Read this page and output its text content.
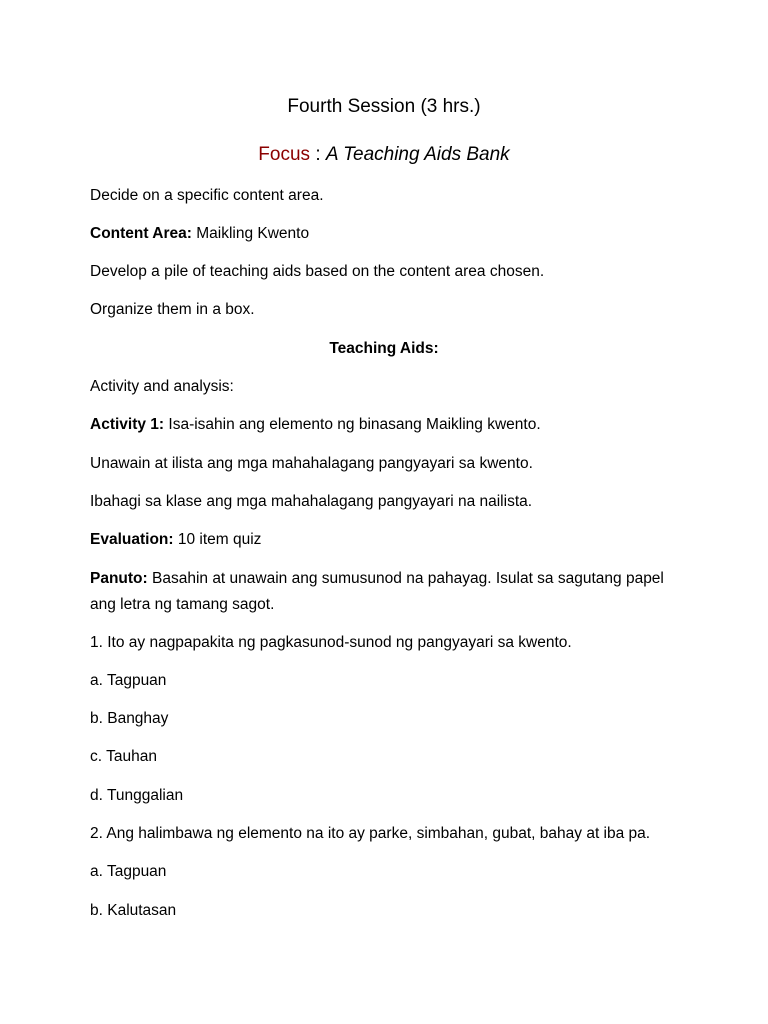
Fourth Session (3 hrs.)
Focus : A Teaching Aids Bank

Decide on a specific content area.

Content Area: Maikling Kwento

Develop a pile of teaching aids based on the content area chosen.

Organize them in a box.

Teaching Aids:

Activity and analysis:

Activity 1: Isa-isahin ang elemento ng binasang Maikling kwento.

Unawain at ilista ang mga mahahalagang pangyayari sa kwento.

Ibahagi sa klase ang mga mahahalagang pangyayari na nailista.

Evaluation: 10 item quiz

Panuto: Basahin at unawain ang sumusunod na pahayag. Isulat sa sagutang papel ang letra ng tamang sagot.

1. Ito ay nagpapakita ng pagkasunod-sunod ng pangyayari sa kwento.

a. Tagpuan

b. Banghay

c. Tauhan

d. Tunggalian

2. Ang halimbawa ng elemento na ito ay parke, simbahan, gubat, bahay at iba pa.

a. Tagpuan

b. Kalutasan
